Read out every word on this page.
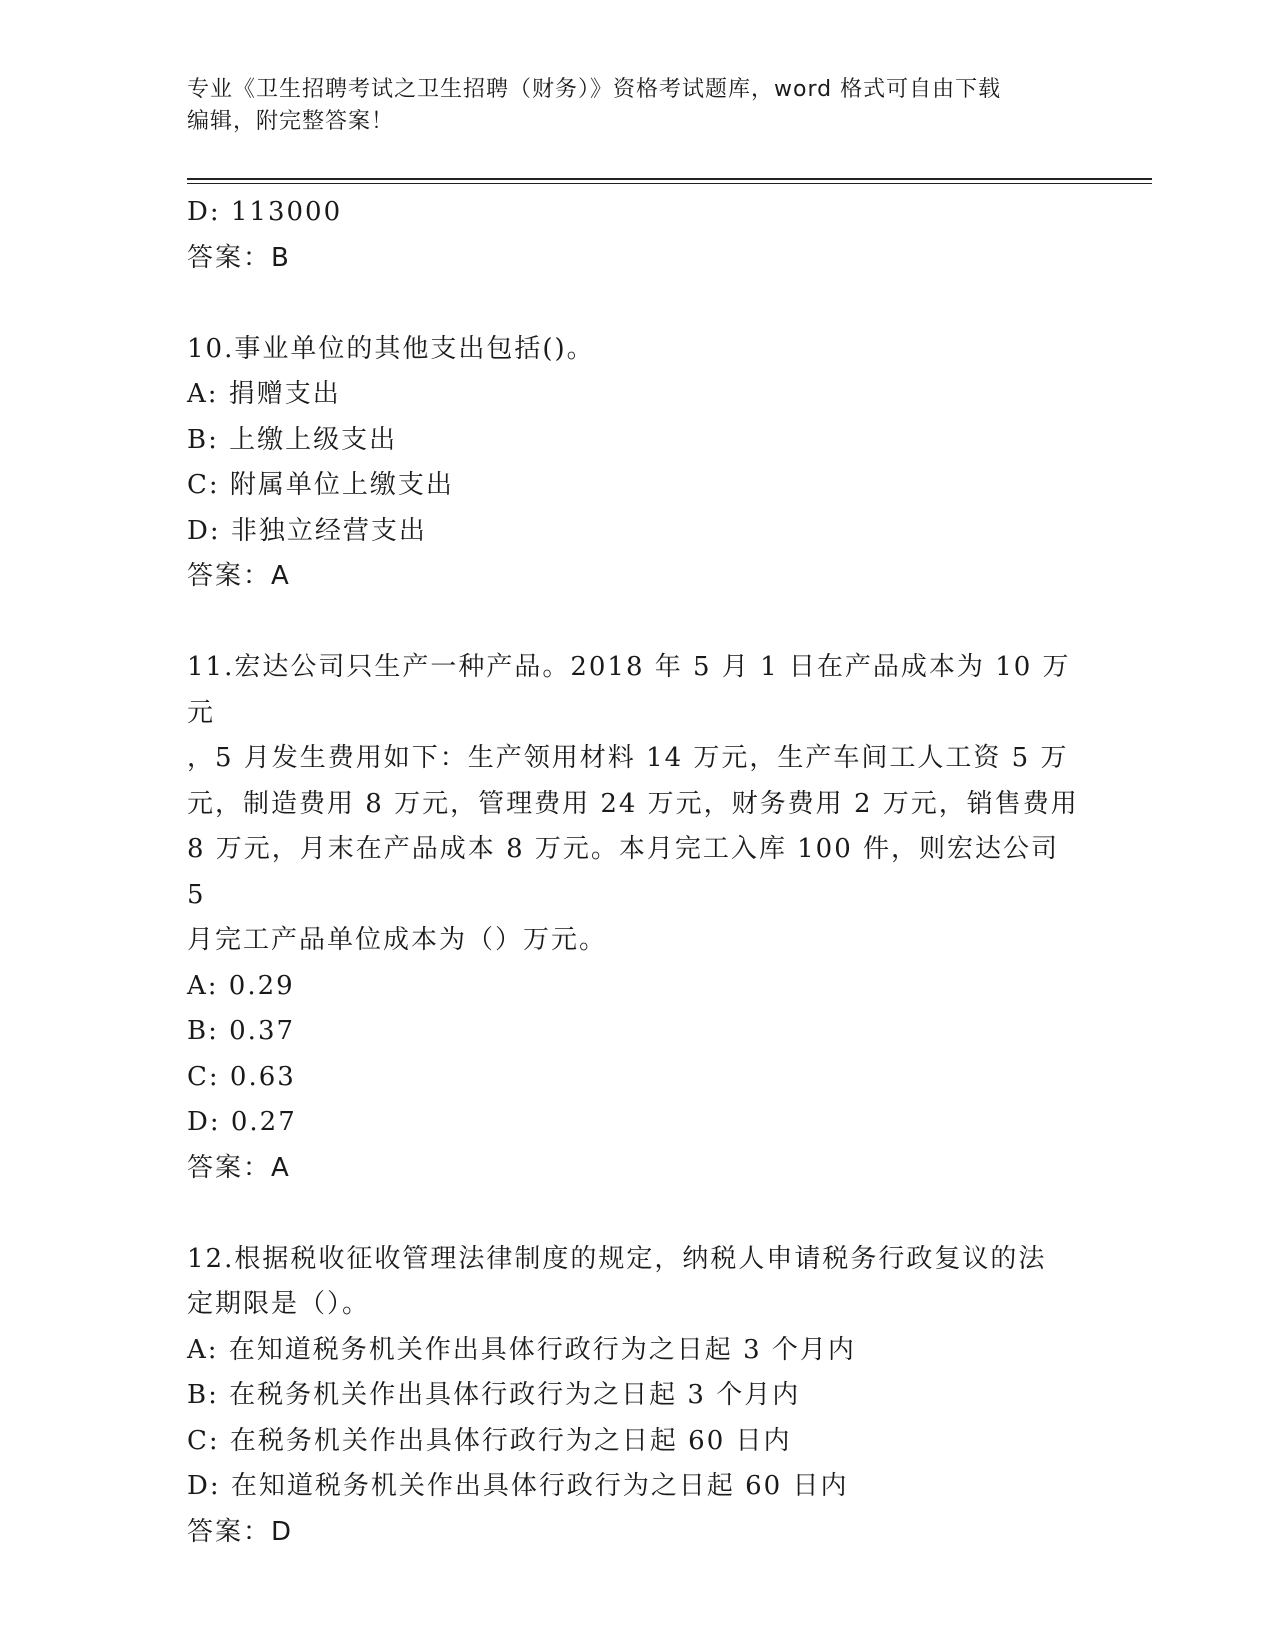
专业《卫生招聘考试之卫生招聘（财务）》资格考试题库，word 格式可自由下载
编辑，附完整答案！
D: 113000
答案：B
10.事业单位的其他支出包括()。
A: 捐赠支出
B: 上缴上级支出
C: 附属单位上缴支出
D: 非独立经营支出
答案：A
11.宏达公司只生产一种产品。2018 年 5 月 1 日在产品成本为 10 万元
，5 月发生费用如下：生产领用材料 14 万元，生产车间工人工资 5 万
元，制造费用 8 万元，管理费用 24 万元，财务费用 2 万元，销售费用
8 万元，月末在产品成本 8 万元。本月完工入库 100 件，则宏达公司 5
月完工产品单位成本为（）万元。
A: 0.29
B: 0.37
C: 0.63
D: 0.27
答案：A
12.根据税收征收管理法律制度的规定，纳税人申请税务行政复议的法
定期限是（）。
A: 在知道税务机关作出具体行政行为之日起 3 个月内
B: 在税务机关作出具体行政行为之日起 3 个月内
C: 在税务机关作出具体行政行为之日起 60 日内
D: 在知道税务机关作出具体行政行为之日起 60 日内
答案：D
